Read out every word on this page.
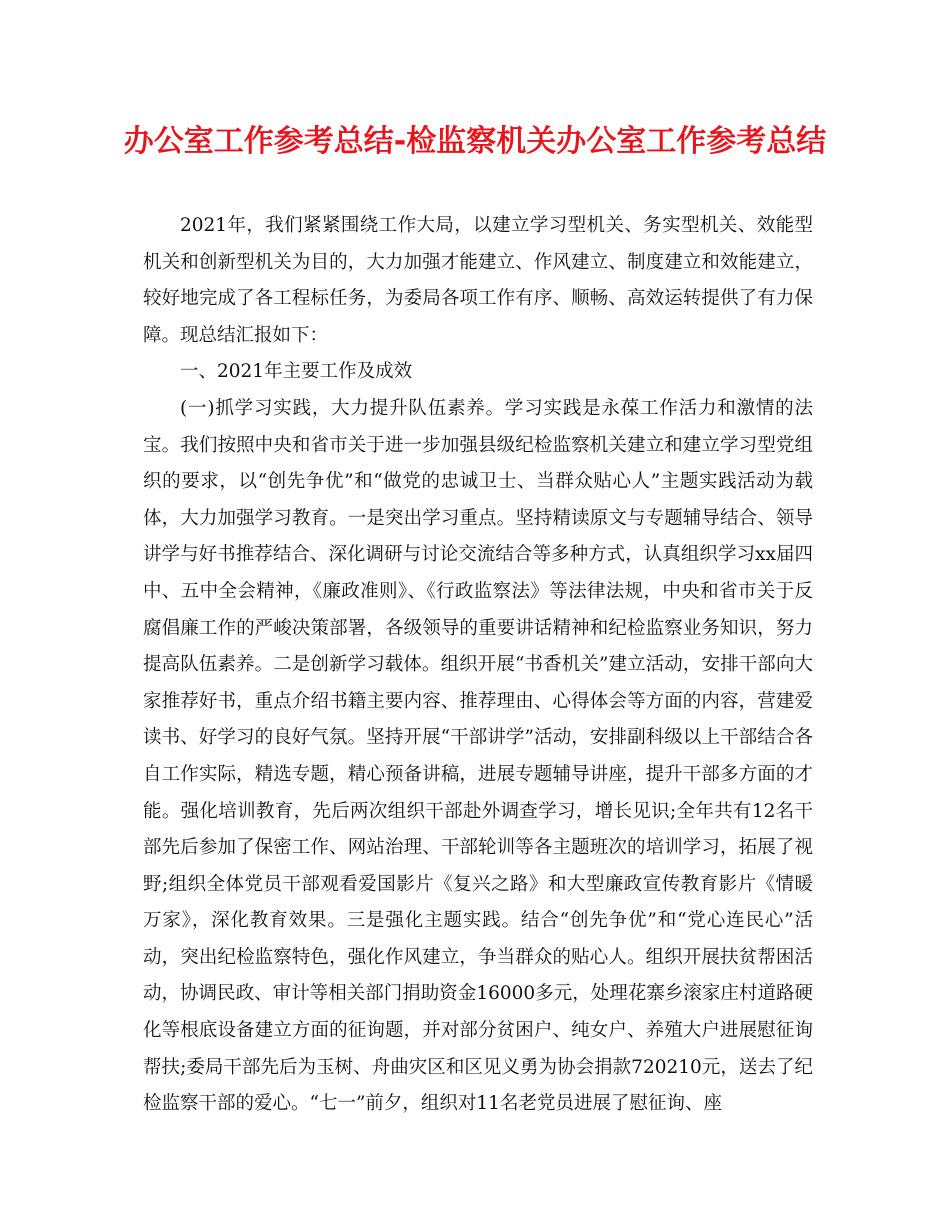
办公室工作参考总结-检监察机关办公室工作参考总结

2021年，我们紧紧围绕工作大局，以建立学习型机关、务实型机关、效能型机关和创新型机关为目的，大力加强才能建立、作风建立、制度建立和效能建立，较好地完成了各工程标任务，为委局各项工作有序、顺畅、高效运转提供了有力保障。现总结汇报如下：

一、2021年主要工作及成效

(一)抓学习实践，大力提升队伍素养。学习实践是永葆工作活力和激情的法宝。我们按照中央和省市关于进一步加强县级纪检监察机关建立和建立学习型党组织的要求，以“创先争优”和“做党的忠诚卫士、当群众贴心人”主题实践活动为载体，大力加强学习教育。一是突出学习重点。坚持精读原文与专题辅导结合、领导讲学与好书推荐结合、深化调研与讨论交流结合等多种方式，认真组织学习xx届四中、五中全会精神，《廉政准则》、《行政监察法》等法律法规，中央和省市关于反腐倡廉工作的严峻决策部署，各级领导的重要讲话精神和纪检监察业务知识，努力提高队伍素养。二是创新学习载体。组织开展“书香机关”建立活动，安排干部向大家推荐好书，重点介绍书籍主要内容、推荐理由、心得体会等方面的内容，营建爱读书、好学习的良好气氛。坚持开展“干部讲学”活动，安排副科级以上干部结合各自工作实际，精选专题，精心预备讲稿，进展专题辅导讲座，提升干部多方面的才能。强化培训教育，先后两次组织干部赴外调查学习，增长见识;全年共有12名干部先后参加了保密工作、网站治理、干部轮训等各主题班次的培训学习，拓展了视野;组织全体党员干部观看爱国影片《复兴之路》和大型廉政宣传教育影片《情暖万家》，深化教育效果。三是强化主题实践。结合“创先争优”和“党心连民心”活动，突出纪检监察特色，强化作风建立，争当群众的贴心人。组织开展扶贫帮困活动，协调民政、审计等相关部门捐助资金16000多元，处理花寨乡滚家庄村道路硬化等根底设备建立方面的征询题，并对部分贫困户、纯女户、养殖大户进展慰征询帮扶;委局干部先后为玉树、舟曲灾区和区见义勇为协会捐款720210元，送去了纪检监察干部的爱心。“七一”前夕，组织对11名老党员进展了慰征询、座
